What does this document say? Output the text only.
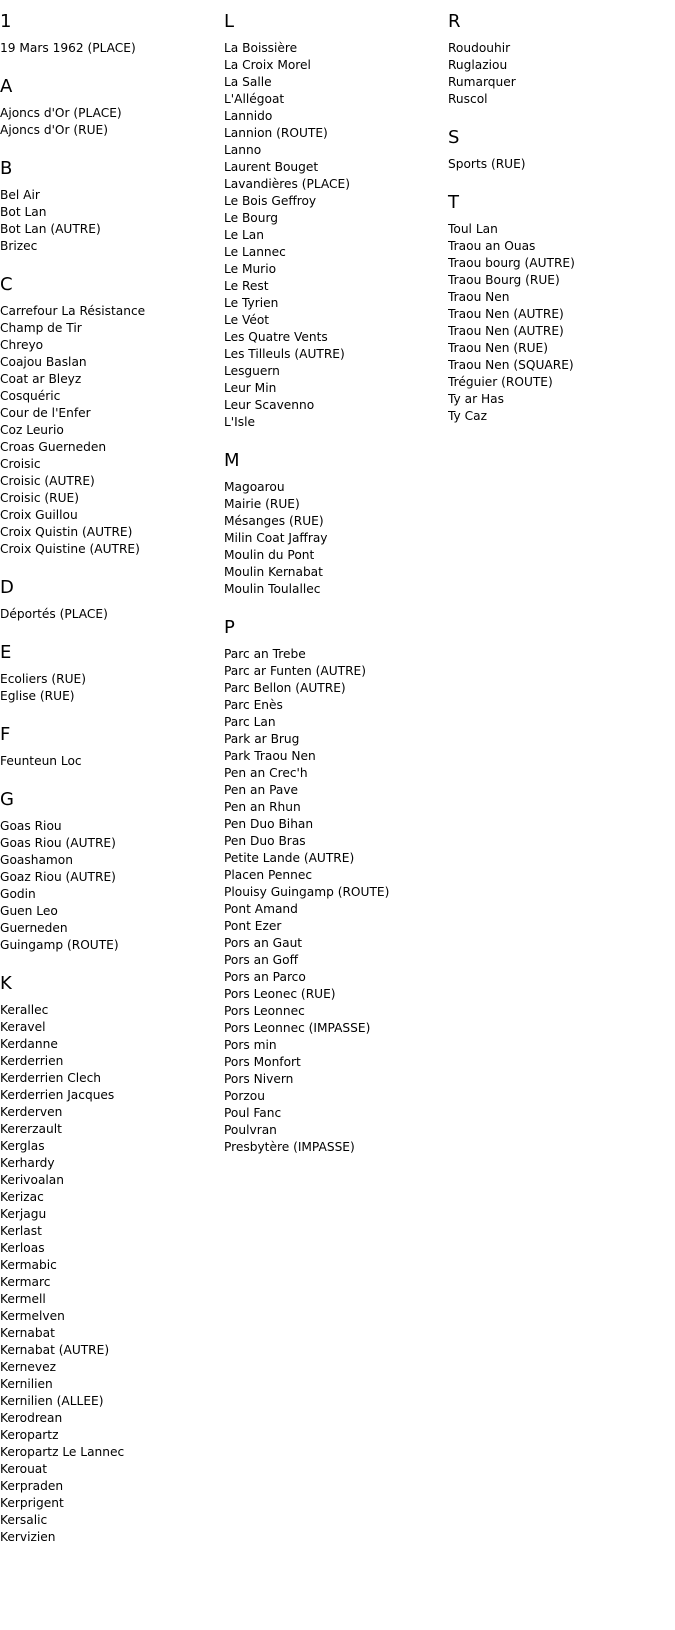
1
19 Mars 1962 (PLACE)
A
Ajoncs d'Or (PLACE)
Ajoncs d'Or (RUE)
B
Bel Air
Bot Lan
Bot Lan (AUTRE)
Brizec
C
Carrefour La Résistance
Champ de Tir
Chreyo
Coajou Baslan
Coat ar Bleyz
Cosquéric
Cour de l'Enfer
Coz Leurio
Croas Guerneden
Croisic
Croisic (AUTRE)
Croisic (RUE)
Croix Guillou
Croix Quistin (AUTRE)
Croix Quistine (AUTRE)
D
Déportés (PLACE)
E
Ecoliers (RUE)
Eglise (RUE)
F
Feunteun Loc
G
Goas Riou
Goas Riou (AUTRE)
Goashamon
Goaz Riou (AUTRE)
Godin
Guen Leo
Guerneden
Guingamp (ROUTE)
K
Kerallec
Keravel
Kerdanne
Kerderrien
Kerderrien Clech
Kerderrien Jacques
Kerderven
Kererzault
Kerglas
Kerhardy
Kerivoalan
Kerizac
Kerjagu
Kerlast
Kerloas
Kermabic
Kermarc
Kermell
Kermelven
Kernabat
Kernabat (AUTRE)
Kernevez
Kernilien
Kernilien (ALLEE)
Kerodrean
Keropartz
Keropartz Le Lannec
Kerouat
Kerpraden
Kerprigent
Kersalic
Kervizien
L
La Boissière
La Croix Morel
La Salle
L'Allégoat
Lannido
Lannion (ROUTE)
Lanno
Laurent Bouget
Lavandières (PLACE)
Le Bois Geffroy
Le Bourg
Le Lan
Le Lannec
Le Murio
Le Rest
Le Tyrien
Le Véot
Les Quatre Vents
Les Tilleuls (AUTRE)
Lesguern
Leur Min
Leur Scavenno
L'Isle
M
Magoarou
Mairie (RUE)
Mésanges (RUE)
Milin Coat Jaffray
Moulin du Pont
Moulin Kernabat
Moulin Toulallec
P
Parc an Trebe
Parc ar Funten (AUTRE)
Parc Bellon (AUTRE)
Parc Enès
Parc Lan
Park ar Brug
Park Traou Nen
Pen an Crec'h
Pen an Pave
Pen an Rhun
Pen Duo Bihan
Pen Duo Bras
Petite Lande (AUTRE)
Placen Pennec
Plouisy Guingamp (ROUTE)
Pont Amand
Pont Ezer
Pors an Gaut
Pors an Goff
Pors an Parco
Pors Leonec (RUE)
Pors Leonnec
Pors Leonnec (IMPASSE)
Pors min
Pors Monfort
Pors Nivern
Porzou
Poul Fanc
Poulvran
Presbytère (IMPASSE)
R
Roudouhir
Ruglaziou
Rumarquer
Ruscol
S
Sports (RUE)
T
Toul Lan
Traou an Ouas
Traou bourg (AUTRE)
Traou Bourg (RUE)
Traou Nen
Traou Nen (AUTRE)
Traou Nen (AUTRE)
Traou Nen (RUE)
Traou Nen (SQUARE)
Tréguier (ROUTE)
Ty ar Has
Ty Caz
